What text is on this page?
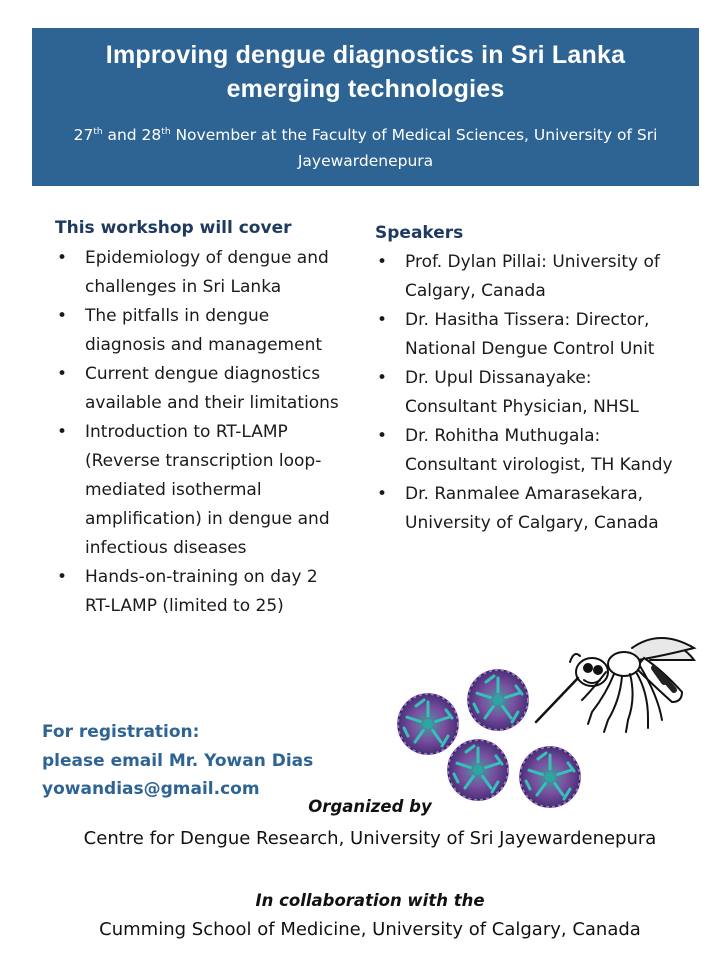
Improving dengue diagnostics in Sri Lanka
emerging technologies
27th and 28th November at the Faculty of Medical Sciences, University of Sri Jayewardenepura
This workshop will cover
• Epidemiology of dengue and challenges in Sri Lanka
• The pitfalls in dengue diagnosis and management
• Current dengue diagnostics available and their limitations
• Introduction to RT-LAMP (Reverse transcription loop-mediated isothermal amplification) in dengue and infectious diseases
• Hands-on-training on day 2 RT-LAMP (limited to 25)
Speakers
• Prof. Dylan Pillai: University of Calgary, Canada
• Dr. Hasitha Tissera: Director, National Dengue Control Unit
• Dr. Upul Dissanayake: Consultant Physician, NHSL
• Dr. Rohitha Muthugala: Consultant virologist, TH Kandy
• Dr. Ranmalee Amarasekara, University of Calgary, Canada
For registration:
please email Mr. Yowan Dias
yowandias@gmail.com
Organized by
Centre for Dengue Research, University of Sri Jayewardenepura
In collaboration with the
Cumming School of Medicine, University of Calgary, Canada
